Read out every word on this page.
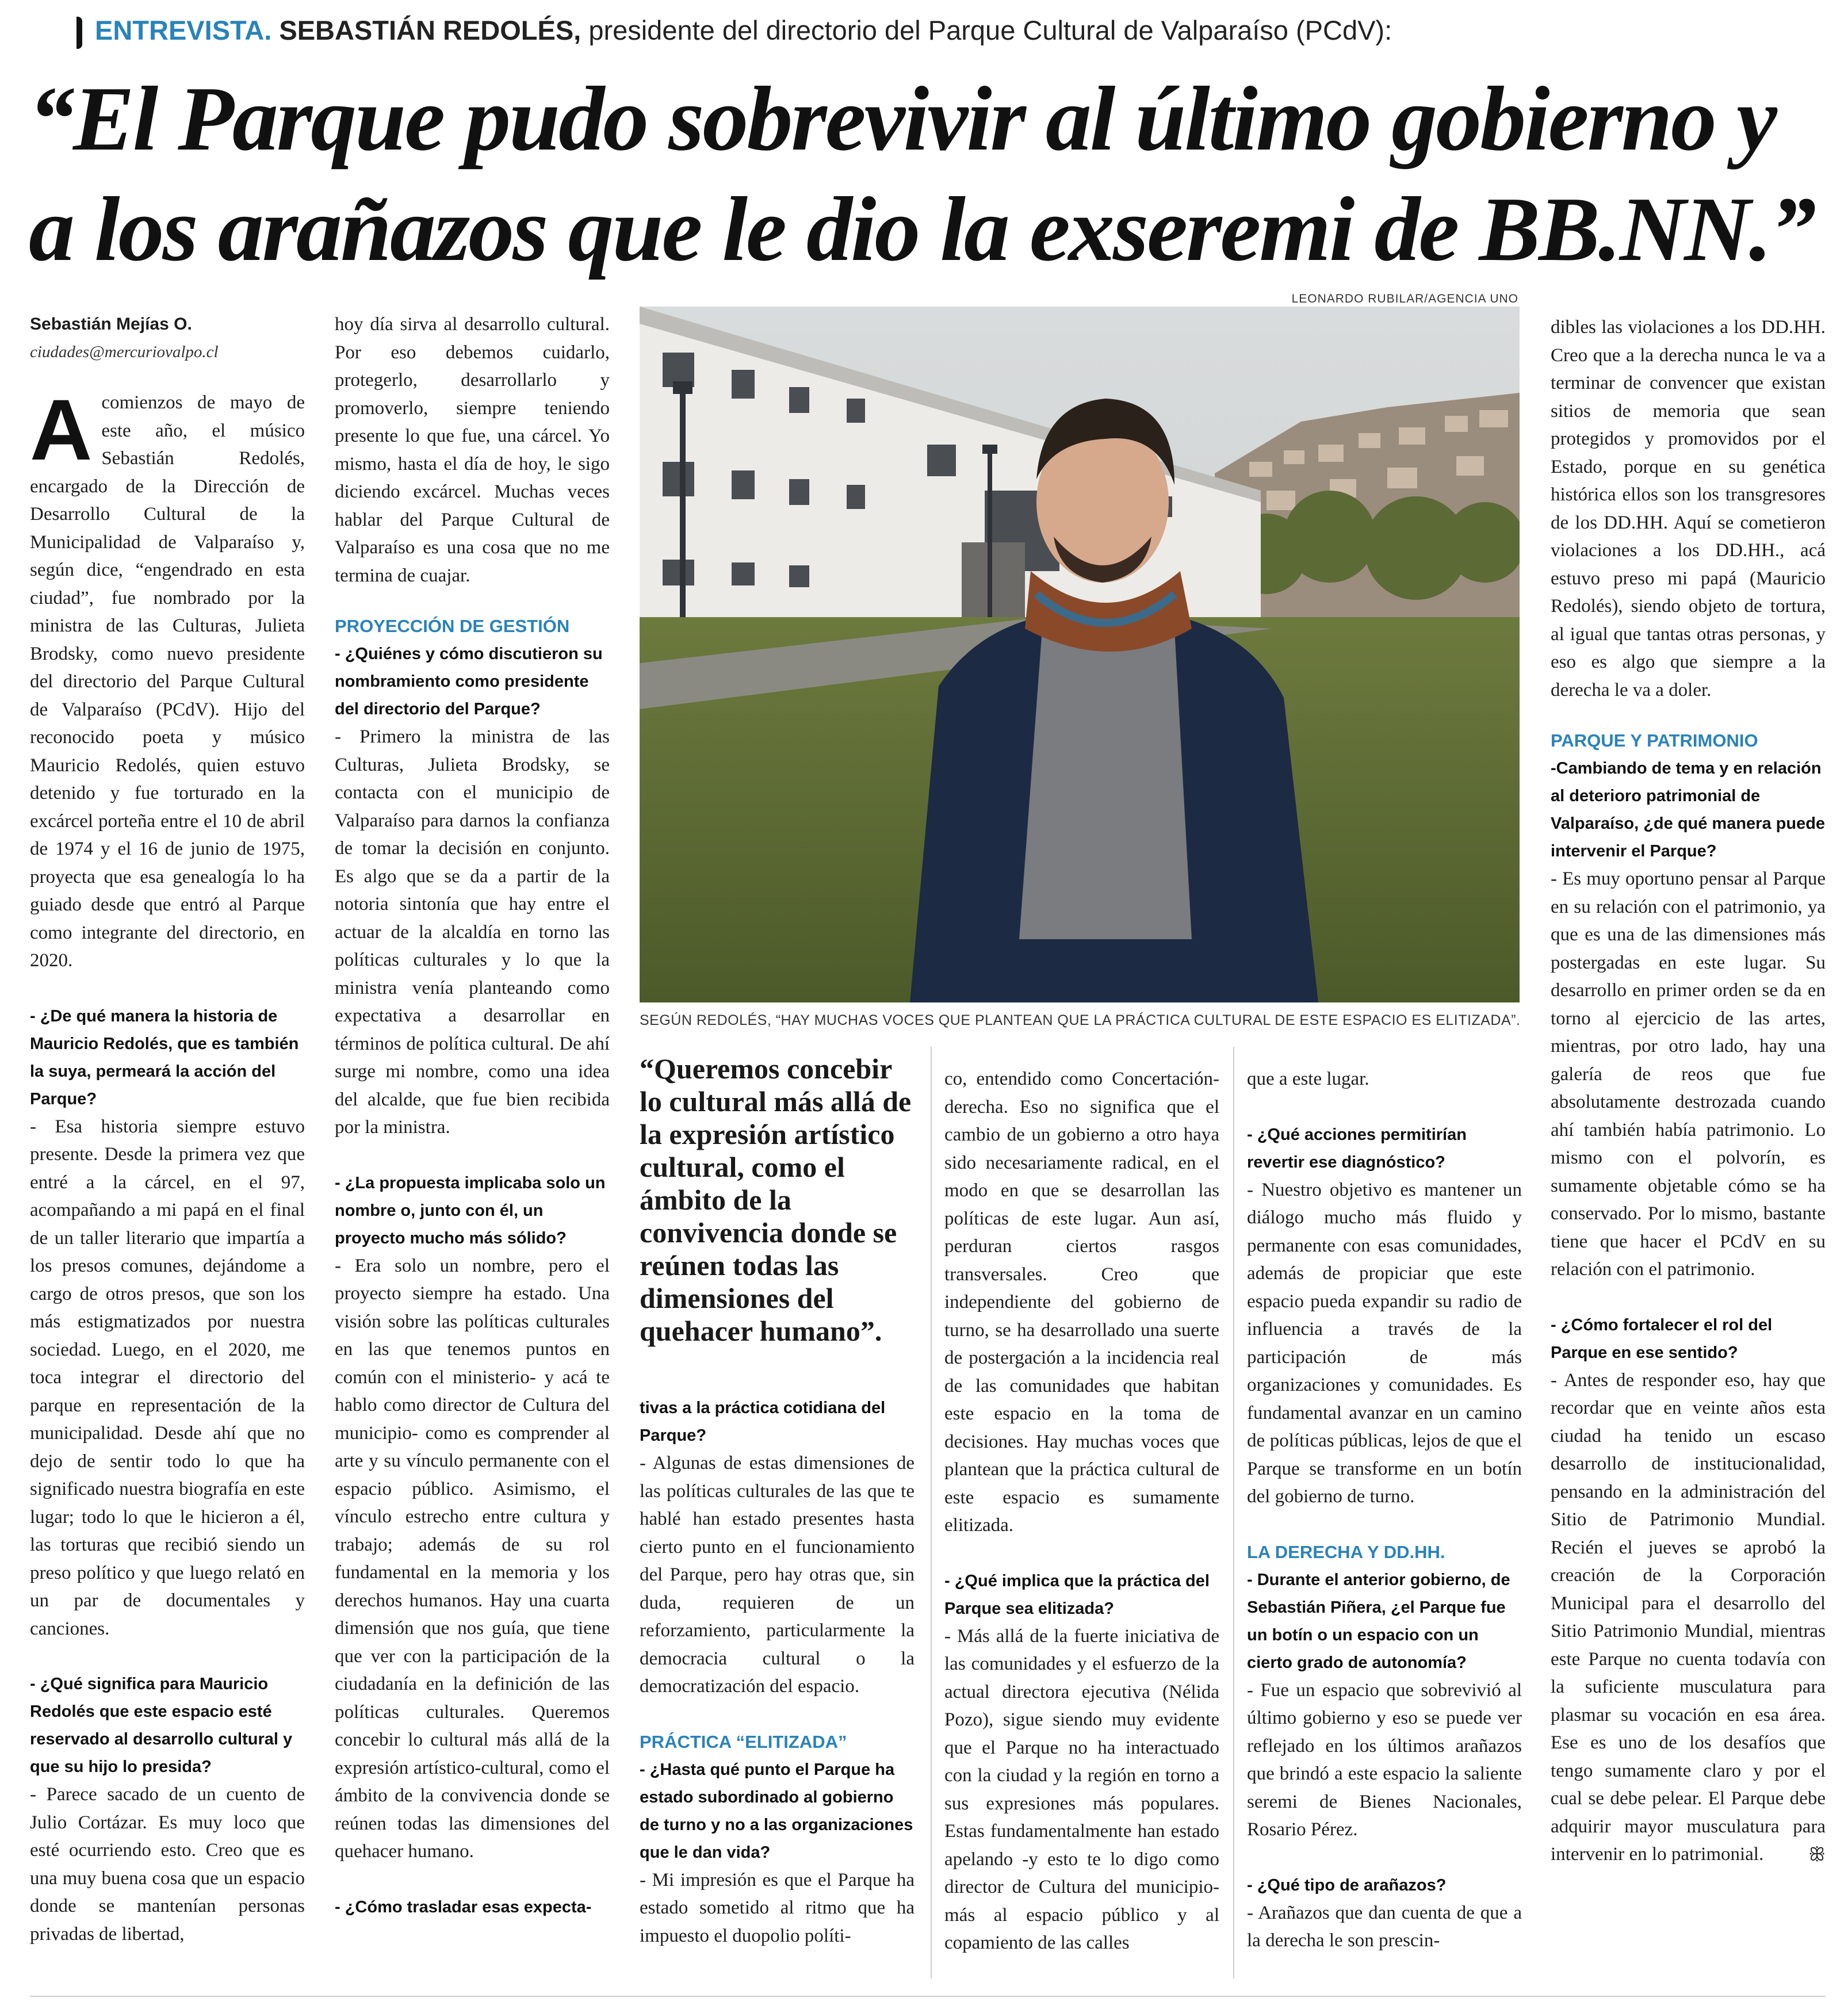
ENTREVISTA. SEBASTIÁN REDOLÉS, presidente del directorio del Parque Cultural de Valparaíso (PCdV):
“El Parque pudo sobrevivir al último gobierno y
a los arañazos que le dio la exseremi de BB.NN.”
Sebastián Mejías O.
ciudades@mercuriovalpo.cl

Acomienzos de mayo de este año, el músico Sebastián Redolés, encargado de la Dirección de Desarrollo Cultural de la Municipalidad de Valparaíso y, según dice, “engendrado en esta ciudad”, fue nombrado por la ministra de las Culturas, Julieta Brodsky, como nuevo presidente del directorio del Parque Cultural de Valparaíso (PCdV). Hijo del reconocido poeta y músico Mauricio Redolés, quien estuvo detenido y fue torturado en la excárcel porteña entre el 10 de abril de 1974 y el 16 de junio de 1975, proyecta que esa genealogía lo ha guiado desde que entró al Parque como integrante del directorio, en 2020.

- ¿De qué manera la historia de Mauricio Redolés, que es también la suya, permeará la acción del Parque?

- Esa historia siempre estuvo presente. Desde la primera vez que entré a la cárcel, en el 97, acompañando a mi papá en el final de un taller literario que impartía a los presos comunes, dejándome a cargo de otros presos, que son los más estigmatizados por nuestra sociedad. Luego, en el 2020, me toca integrar el directorio del parque en representación de la municipalidad. Desde ahí que no dejo de sentir todo lo que ha significado nuestra biografía en este lugar; todo lo que le hicieron a él, las torturas que recibió siendo un preso político y que luego relató en un par de documentales y canciones.

- ¿Qué significa para Mauricio Redolés que este espacio esté reservado al desarrollo cultural y que su hijo lo presida?

- Parece sacado de un cuento de Julio Cortázar. Es muy loco que esté ocurriendo esto. Creo que es una muy buena cosa que un espacio donde se mantenían personas privadas de libertad,

hoy día sirva al desarrollo cultural. Por eso debemos cuidarlo, protegerlo, desarrollarlo y promoverlo, siempre teniendo presente lo que fue, una cárcel. Yo mismo, hasta el día de hoy, le sigo diciendo excárcel. Muchas veces hablar del Parque Cultural de Valparaíso es una cosa que no me termina de cuajar.

PROYECCIÓN DE GESTIÓN

- ¿Quiénes y cómo discutieron su nombramiento como presidente del directorio del Parque?

- Primero la ministra de las Culturas, Julieta Brodsky, se contacta con el municipio de Valparaíso para darnos la confianza de tomar la decisión en conjunto. Es algo que se da a partir de la notoria sintonía que hay entre el actuar de la alcaldía en torno las políticas culturales y lo que la ministra venía planteando como expectativa a desarrollar en términos de política cultural. De ahí surge mi nombre, como una idea del alcalde, que fue bien recibida por la ministra.

- ¿La propuesta implicaba solo un nombre o, junto con él, un proyecto mucho más sólido?

- Era solo un nombre, pero el proyecto siempre ha estado. Una visión sobre las políticas culturales en las que tenemos puntos en común con el ministerio- y acá te hablo como director de Cultura del municipio- como es comprender al arte y su vínculo permanente con el espacio público. Asimismo, el vínculo estrecho entre cultura y trabajo; además de su rol fundamental en la memoria y los derechos humanos. Hay una cuarta dimensión que nos guía, que tiene que ver con la participación de la ciudadanía en la definición de las políticas culturales. Queremos concebir lo cultural más allá de la expresión artístico-cultural, como el ámbito de la convivencia donde se reúnen todas las dimensiones del quehacer humano.

- ¿Cómo trasladar esas expecta-

LEONARDO RUBILAR/AGENCIA UNO
SEGÚN REDOLÉS, “HAY MUCHAS VOCES QUE PLANTEAN QUE LA PRÁCTICA CULTURAL DE ESTE ESPACIO ES ELITIZADA”.
“Queremos concebir lo cultural más allá de la expresión artístico cultural, como el ámbito de la convivencia donde se reúnen todas las dimensiones del quehacer humano”.

tivas a la práctica cotidiana del Parque?

- Algunas de estas dimensiones de las políticas culturales de las que te hablé han estado presentes hasta cierto punto en el funcionamiento del Parque, pero hay otras que, sin duda, requieren de un reforzamiento, particularmente la democracia cultural o la democratización del espacio.

PRÁCTICA “ELITIZADA”

- ¿Hasta qué punto el Parque ha estado subordinado al gobierno de turno y no a las organizaciones que le dan vida?

- Mi impresión es que el Parque ha estado sometido al ritmo que ha impuesto el duopolio políti-

co, entendido como Concertación-derecha. Eso no significa que el cambio de un gobierno a otro haya sido necesariamente radical, en el modo en que se desarrollan las políticas de este lugar. Aun así, perduran ciertos rasgos transversales. Creo que independiente del gobierno de turno, se ha desarrollado una suerte de postergación a la incidencia real de las comunidades que habitan este espacio en la toma de decisiones. Hay muchas voces que plantean que la práctica cultural de este espacio es sumamente elitizada.

- ¿Qué implica que la práctica del Parque sea elitizada?

- Más allá de la fuerte iniciativa de las comunidades y el esfuerzo de la actual directora ejecutiva (Nélida Pozo), sigue siendo muy evidente que el Parque no ha interactuado con la ciudad y la región en torno a sus expresiones más populares. Estas fundamentalmente han estado apelando -y esto te lo digo como director de Cultura del municipio- más al espacio público y al copamiento de las calles

que a este lugar.

- ¿Qué acciones permitirían revertir ese diagnóstico?

- Nuestro objetivo es mantener un diálogo mucho más fluido y permanente con esas comunidades, además de propiciar que este espacio pueda expandir su radio de influencia a través de la participación de más organizaciones y comunidades. Es fundamental avanzar en un camino de políticas públicas, lejos de que el Parque se transforme en un botín del gobierno de turno.

LA DERECHA Y DD.HH.

- Durante el anterior gobierno, de Sebastián Piñera, ¿el Parque fue un botín o un espacio con un cierto grado de autonomía?

- Fue un espacio que sobrevivió al último gobierno y eso se puede ver reflejado en los últimos arañazos que brindó a este espacio la saliente seremi de Bienes Nacionales, Rosario Pérez.

- ¿Qué tipo de arañazos?

- Arañazos que dan cuenta de que a la derecha le son prescin-

dibles las violaciones a los DD.HH. Creo que a la derecha nunca le va a terminar de convencer que existan sitios de memoria que sean protegidos y promovidos por el Estado, porque en su genética histórica ellos son los transgresores de los DD.HH. Aquí se cometieron violaciones a los DD.HH., acá estuvo preso mi papá (Mauricio Redolés), siendo objeto de tortura, al igual que tantas otras personas, y eso es algo que siempre a la derecha le va a doler.

PARQUE Y PATRIMONIO

-Cambiando de tema y en relación al deterioro patrimonial de Valparaíso, ¿de qué manera puede intervenir el Parque?

- Es muy oportuno pensar al Parque en su relación con el patrimonio, ya que es una de las dimensiones más postergadas en este lugar. Su desarrollo en primer orden se da en torno al ejercicio de las artes, mientras, por otro lado, hay una galería de reos que fue absolutamente destrozada cuando ahí también había patrimonio. Lo mismo con el polvorín, es sumamente objetable cómo se ha conservado. Por lo mismo, bastante tiene que hacer el PCdV en su relación con el patrimonio.

- ¿Cómo fortalecer el rol del Parque en ese sentido?

- Antes de responder eso, hay que recordar que en veinte años esta ciudad ha tenido un escaso desarrollo de institucionalidad, pensando en la administración del Sitio de Patrimonio Mundial. Recién el jueves se aprobó la creación de la Corporación Municipal para el desarrollo del Sitio Patrimonio Mundial, mientras este Parque no cuenta todavía con la suficiente musculatura para plasmar su vocación en esa área. Ese es uno de los desafíos que tengo sumamente claro y por el cual se debe pelear. El Parque debe adquirir mayor musculatura para intervenir en lo patrimonial. ꕥ
